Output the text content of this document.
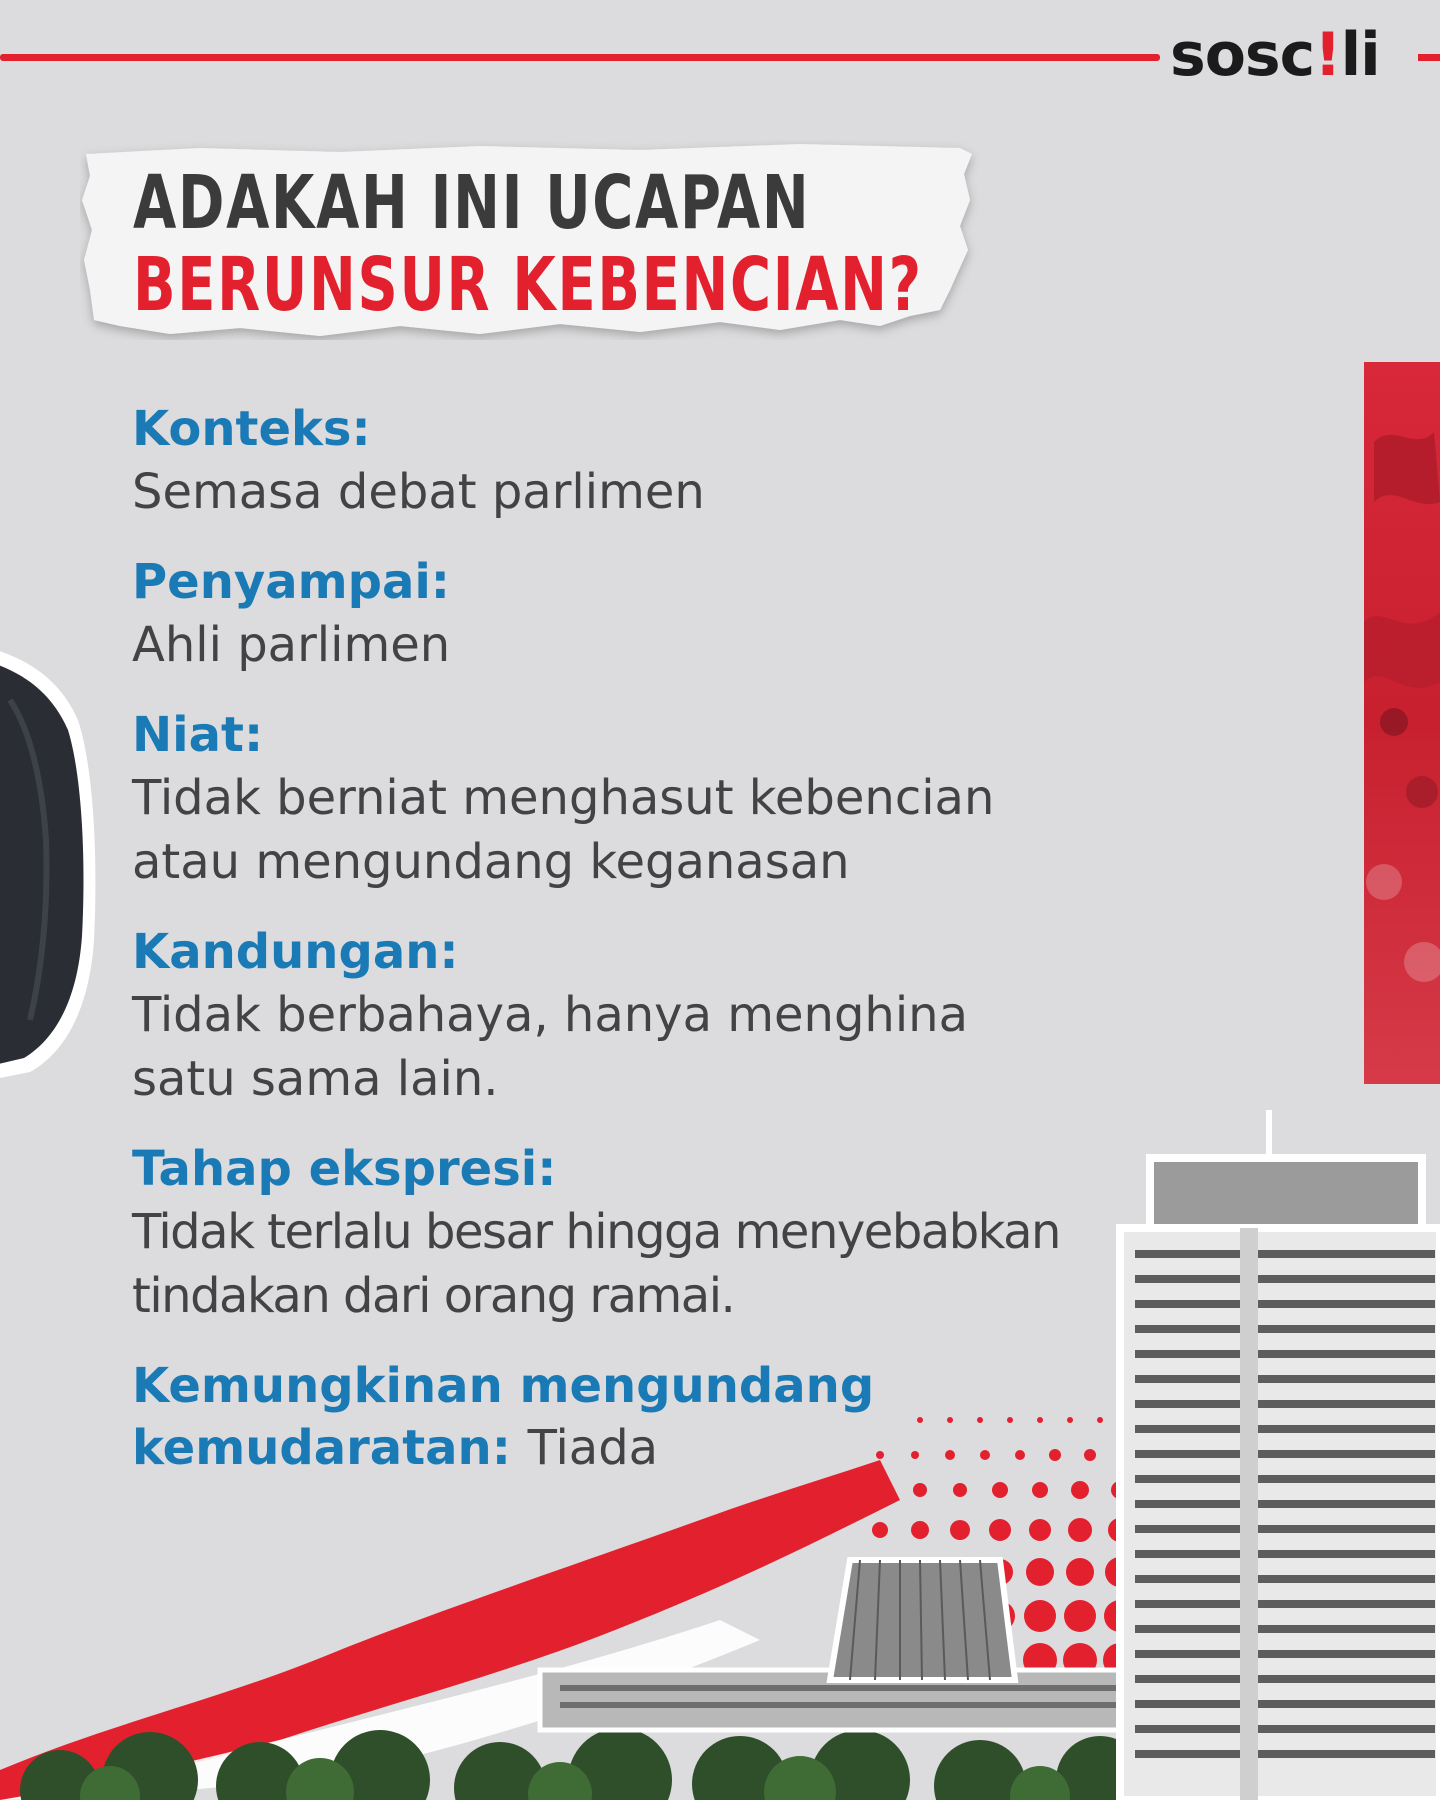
sosc!li
ADAKAH INI UCAPAN
BERUNSUR KEBENCIAN?
Konteks:
Semasa debat parlimen
Penyampai:
Ahli parlimen
Niat:
Tidak berniat menghasut kebencian
atau mengundang keganasan
Kandungan:
Tidak berbahaya, hanya menghina
satu sama lain.
Tahap ekspresi:
Tidak terlalu besar hingga menyebabkan
tindakan dari orang ramai.
Kemungkinan mengundang
kemudaratan: Tiada
